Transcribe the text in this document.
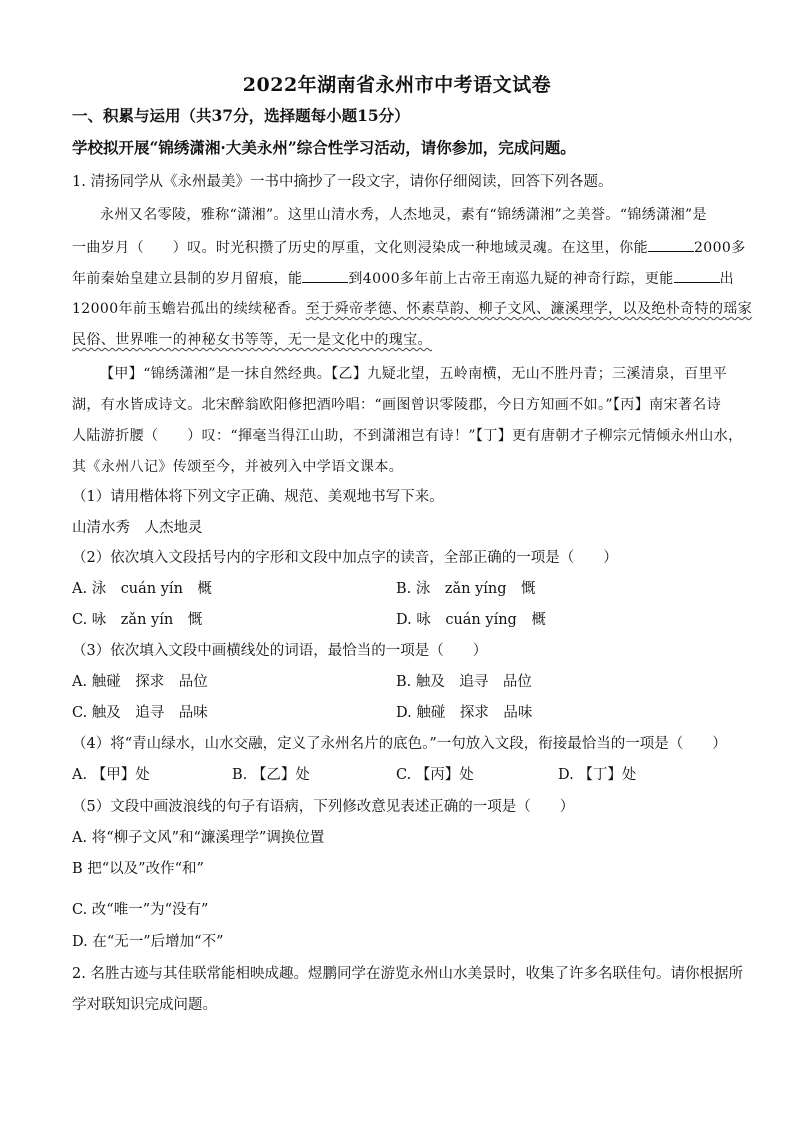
2022年湖南省永州市中考语文试卷
一、积累与运用（共37分，选择题每小题15分）
学校拟开展“锦绣潇湘·大美永州”综合性学习活动，请你参加，完成问题。
1. 清扬同学从《永州最美》一书中摘抄了一段文字，请你仔细阅读，回答下列各题。
永州又名零陵，雅称“潇湘”。这里山清水秀，人杰地灵，素有“锦绣潇湘”之美誉。“锦绣潇湘”是
一曲岁月（　　）叹。时光积攒了历史的厚重，文化则浸染成一种地域灵魂。在这里，你能	2000多
年前秦始皇建立县制的岁月留痕，能	到4000多年前上古帝王南巡九疑的神奇行踪，更能	出
12000年前玉蟾岩孤出的续续秘香。至于舜帝孝德、怀素草韵、柳子文风、濂溪理学，以及绝朴奇特的瑶家
民俗、世界唯一的神秘女书等等，无一是文化中的瑰宝。
【甲】“锦绣潇湘”是一抹自然经典。【乙】九疑北望，五岭南横，无山不胜丹青；三溪清泉，百里平
湖，有水皆成诗文。北宋醉翁欧阳修把酒吟唱：“画图曾识零陵郡，今日方知画不如。”【丙】南宋著名诗
人陆游折腰（　　）叹：“揮毫当得江山助，不到潇湘岂有诗！”【丁】更有唐朝才子柳宗元情倾永州山水，
其《永州八记》传颂至今，并被列入中学语文课本。
（1）请用楷体将下列文字正确、规范、美观地书写下来。
山清水秀　人杰地灵
（2）依次填入文段括号内的字形和文段中加点字的读音，全部正确的一项是（　　）
A. 泳　cuán yín　概	B. 泳　zǎn yíng　慨
C. 咏　zǎn yín　慨	D. 咏　cuán yíng　概
（3）依次填入文段中画横线处的词语，最恰当的一项是（　　）
A. 触碰　探求　品位	B. 触及　追寻　品位
C. 触及　追寻　品味	D. 触碰　探求　品味
（4）将“青山绿水，山水交融，定义了永州名片的底色。”一句放入文段，衔接最恰当的一项是（　　）
A. 【甲】处	B. 【乙】处	C. 【丙】处	D. 【丁】处
（5）文段中画波浪线的句子有语病，下列修改意见表述正确的一项是（　　）
A. 将“柳子文风”和“濂溪理学”调换位置
B 把“以及”改作“和”
C. 改“唯一”为“没有”
D. 在“无一”后增加“不”
2. 名胜古迹与其佳联常能相映成趣。煜鹏同学在游览永州山水美景时，收集了许多名联佳句。请你根据所
学对联知识完成问题。
